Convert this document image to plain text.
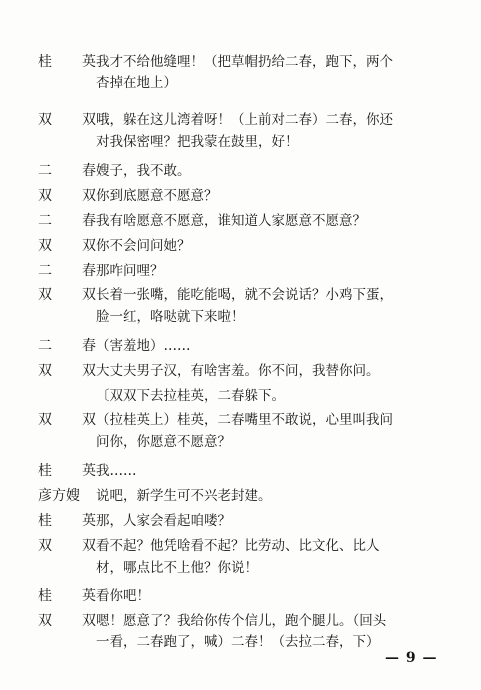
桂 英 我才不给他缝哩！（把草帽扔给二春，跑下，两个
杏掉在地上）
双 双 哦，躲在这儿湾着呀！（上前对二春）二春，你还
对我保密哩？把我蒙在鼓里，好！
二 春 嫂子，我不敢。
双 双 你到底愿意不愿意？
二 春 我有啥愿意不愿意，谁知道人家愿意不愿意？
双 双 你不会问问她？
二 春 那咋问哩？
双 双 长着一张嘴，能吃能喝，就不会说话？小鸡下蛋，
脸一红，咯哒就下来啦！
二 春 （害羞地）……
双 双 大丈夫男子汉，有啥害羞。你不问，我替你问。
〔双双下去拉桂英，二春躲下。
双 双 （拉桂英上）桂英，二春嘴里不敢说，心里叫我问
问你，你愿意不愿意？
桂 英 我……
彦方嫂	说吧，新学生可不兴老封建。
桂 英 那，人家会看起咱喽？
双 双 看不起？他凭啥看不起？比劳动、比文化、比人
材，哪点比不上他？你说！
桂 英 看你吧！
双 双 嗯！愿意了？我给你传个信儿，跑个腿儿。（回头
一看，二春跑了，喊）二春！（去拉二春，下）
— 9 —
